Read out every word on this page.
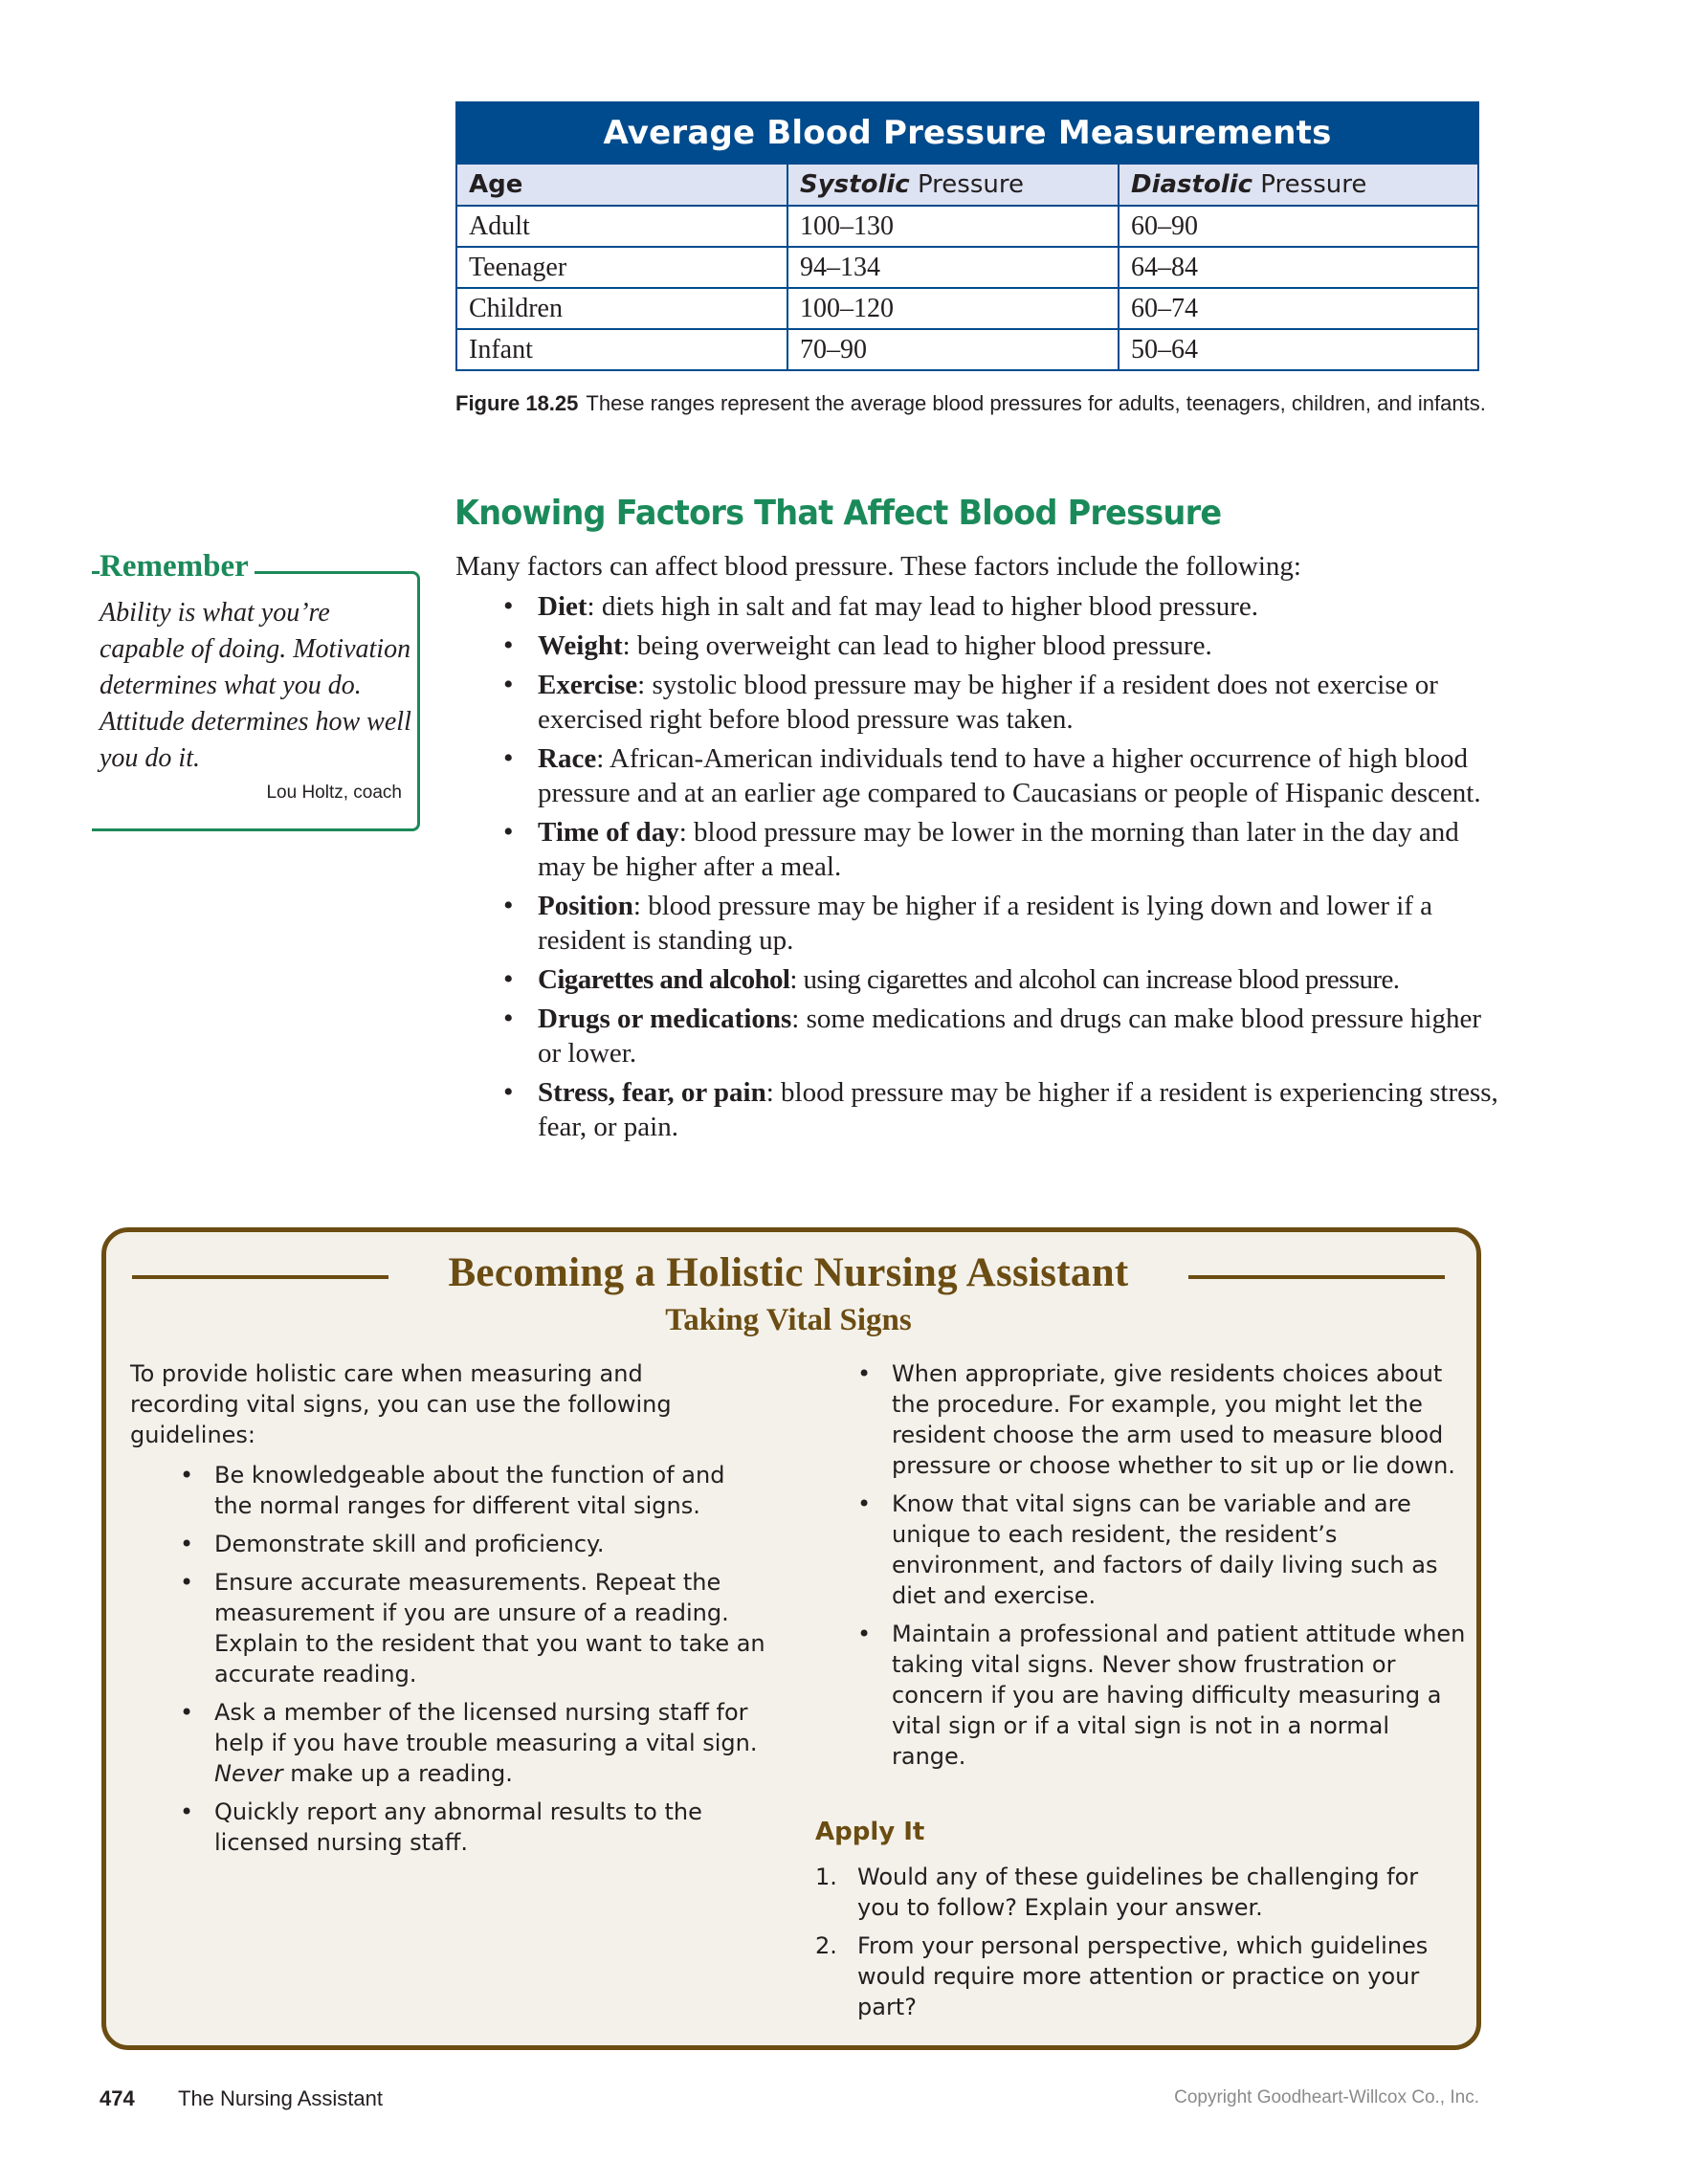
Average Blood Pressure Measurements		
Age	Systolic Pressure	Diastolic Pressure
Adult	100–130	60–90
Teenager	94–134	64–84
Children	100–120	60–74
Infant	70–90	50–64
Figure 18.25 These ranges represent the average blood pressures for adults, teenagers, children, and infants.
Knowing Factors That Affect Blood Pressure
Many factors can affect blood pressure. These factors include the following:
• Diet: diets high in salt and fat may lead to higher blood pressure.
• Weight: being overweight can lead to higher blood pressure.
• Exercise: systolic blood pressure may be higher if a resident does not exercise or exercised right before blood pressure was taken.
• Race: African-American individuals tend to have a higher occurrence of high blood pressure and at an earlier age compared to Caucasians or people of Hispanic descent.
• Time of day: blood pressure may be lower in the morning than later in the day and may be higher after a meal.
• Position: blood pressure may be higher if a resident is lying down and lower if a resident is standing up.
• Cigarettes and alcohol: using cigarettes and alcohol can increase blood pressure.
• Drugs or medications: some medications and drugs can make blood pressure higher or lower.
• Stress, fear, or pain: blood pressure may be higher if a resident is experiencing stress, fear, or pain.
Remember
Ability is what you’re capable of doing. Motivation determines what you do. Attitude determines how well you do it.
Lou Holtz, coach
Becoming a Holistic Nursing Assistant
Taking Vital Signs
To provide holistic care when measuring and recording vital signs, you can use the following guidelines:
• Be knowledgeable about the function of and the normal ranges for different vital signs.
• Demonstrate skill and proficiency.
• Ensure accurate measurements. Repeat the measurement if you are unsure of a reading. Explain to the resident that you want to take an accurate reading.
• Ask a member of the licensed nursing staff for help if you have trouble measuring a vital sign. Never make up a reading.
• Quickly report any abnormal results to the licensed nursing staff.
• When appropriate, give residents choices about the procedure. For example, you might let the resident choose the arm used to measure blood pressure or choose whether to sit up or lie down.
• Know that vital signs can be variable and are unique to each resident, the resident’s environment, and factors of daily living such as diet and exercise.
• Maintain a professional and patient attitude when taking vital signs. Never show frustration or concern if you are having difficulty measuring a vital sign or if a vital sign is not in a normal range.
Apply It
1. Would any of these guidelines be challenging for you to follow? Explain your answer.
2. From your personal perspective, which guidelines would require more attention or practice on your part?
474 The Nursing Assistant	Copyright Goodheart-Willcox Co., Inc.
